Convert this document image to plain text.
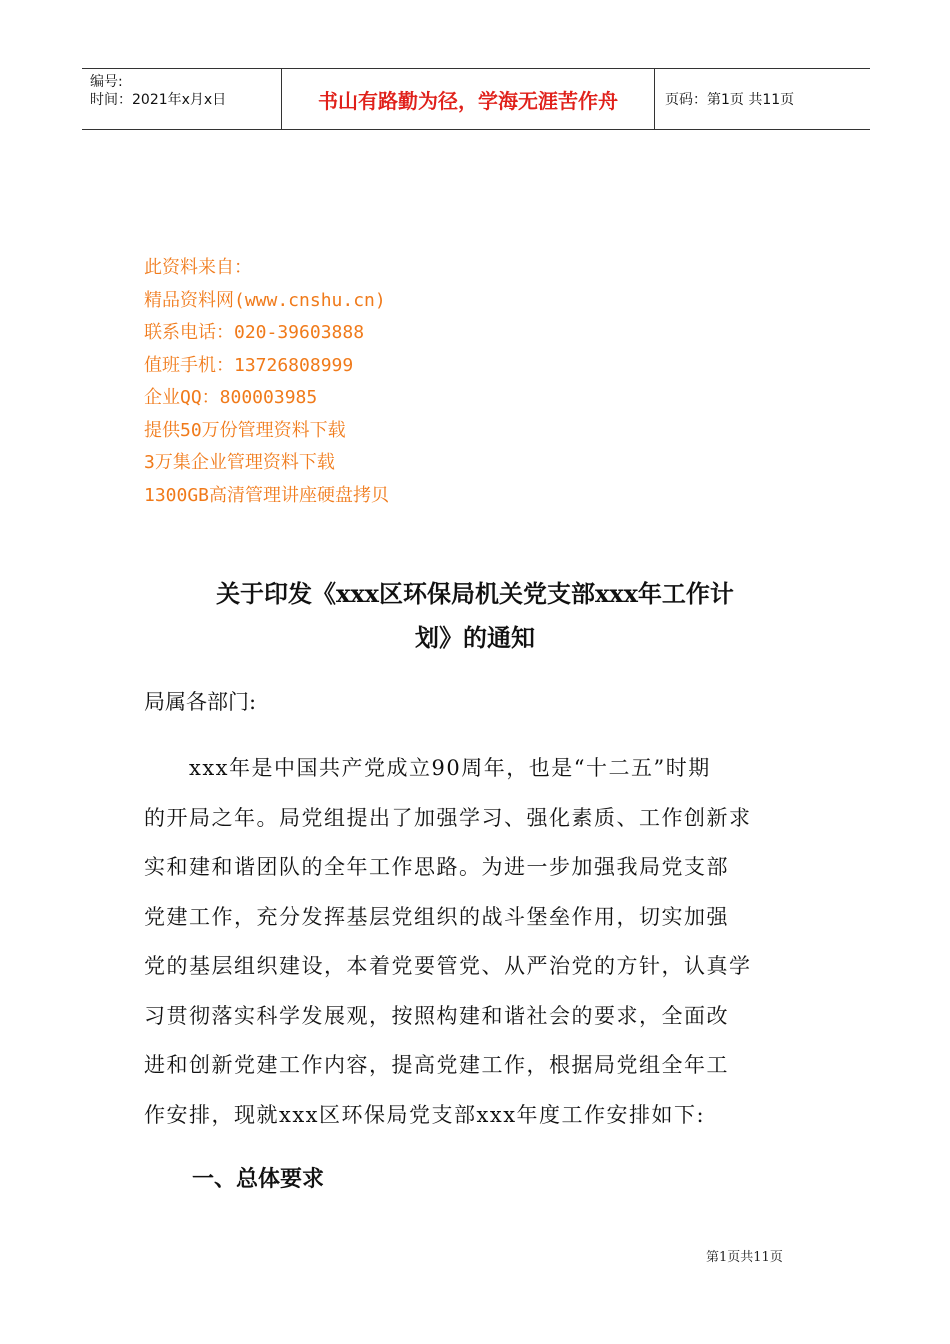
编号:
时间：2021年x月x日	书山有路勤为径，学海无涯苦作舟	页码：第1页 共11页
此资料来自：
精品资料网(www.cnshu.cn)
联系电话：020-39603888
值班手机：13726808999
企业QQ：800003985
提供50万份管理资料下载
3万集企业管理资料下载
1300GB高清管理讲座硬盘拷贝
关于印发《xxx区环保局机关党支部xxx年工作计
划》的通知
局属各部门:
　　xxx年是中国共产党成立90周年，也是“十二五”时期
的开局之年。局党组提出了加强学习、强化素质、工作创新求
实和建和谐团队的全年工作思路。为进一步加强我局党支部
党建工作，充分发挥基层党组织的战斗堡垒作用，切实加强
党的基层组织建设，本着党要管党、从严治党的方针，认真学
习贯彻落实科学发展观，按照构建和谐社会的要求，全面改
进和创新党建工作内容，提高党建工作，根据局党组全年工
作安排，现就xxx区环保局党支部xxx年度工作安排如下:
一、总体要求
第1页共11页
